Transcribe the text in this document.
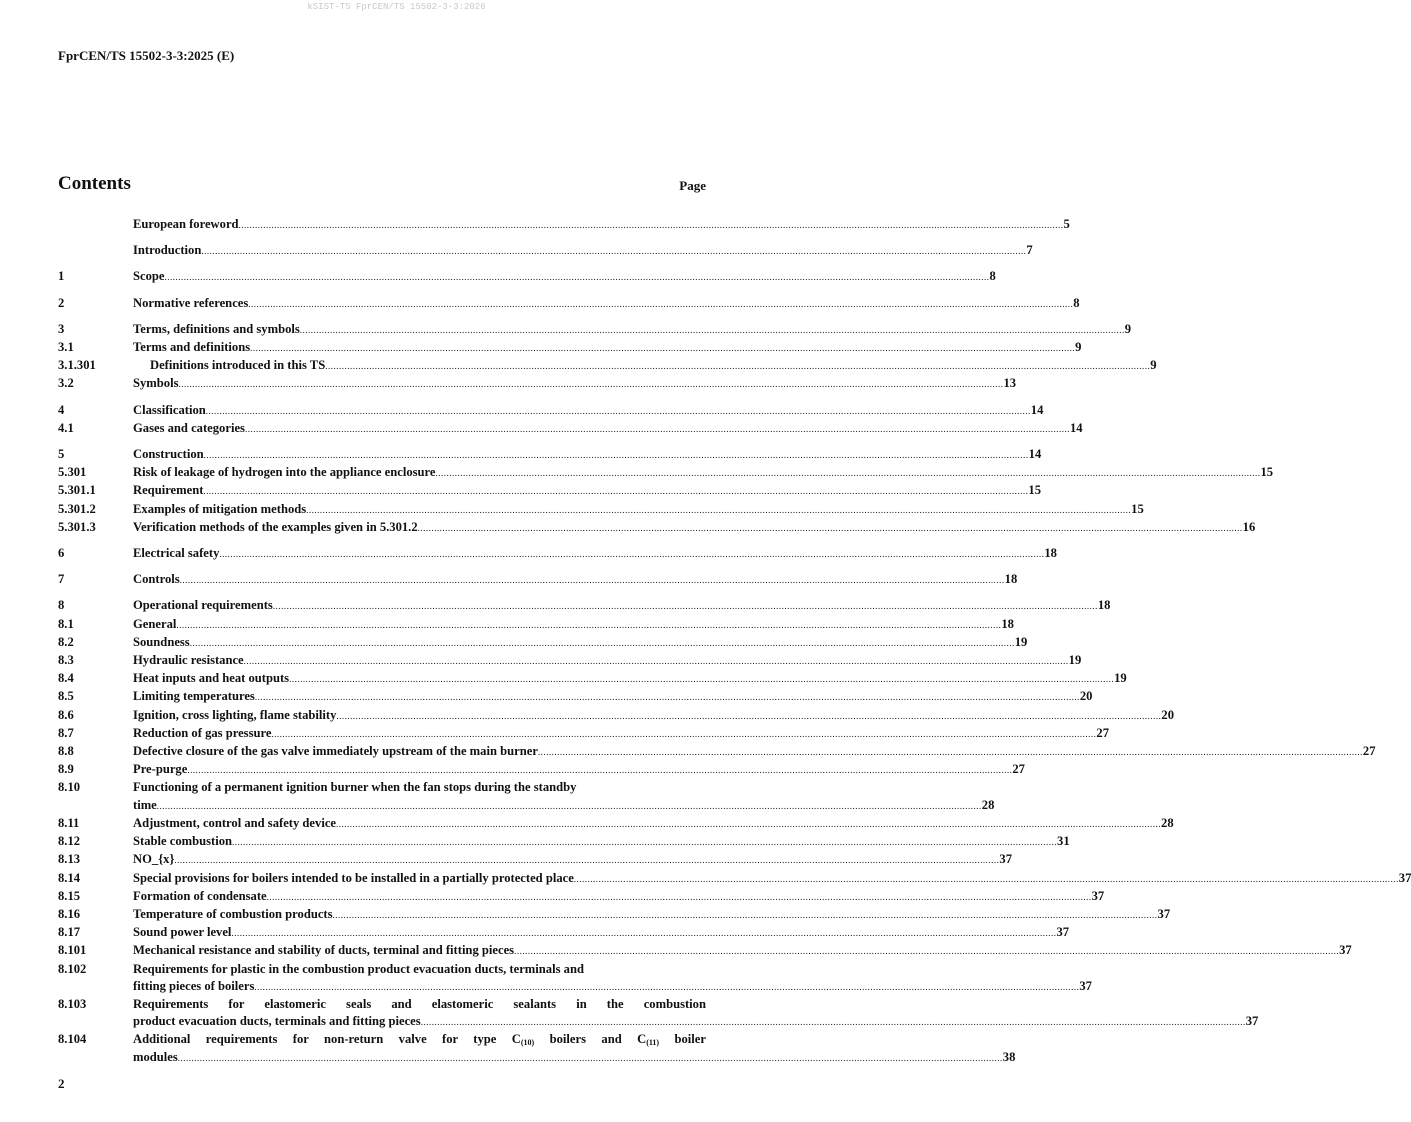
kSIST-TS FprCEN/TS 15502-3-3:2026
FprCEN/TS 15502-3-3:2025 (E)
Contents	Page
European foreword ............................................................................................................................................................................................................................................................................................................ 5
Introduction ............................................................................................................................................................................................................................................................................................................ 7
1	Scope ............................................................................................................................................................................................................................................................................................................ 8
2	Normative references ............................................................................................................................................................................................................................................................................................................ 8
3	Terms, definitions and symbols ............................................................................................................................................................................................................................................................................................................ 9
3.1	Terms and definitions ............................................................................................................................................................................................................................................................................................................ 9
3.1.301	Definitions introduced in this TS ............................................................................................................................................................................................................................................................................................................ 9
3.2	Symbols ............................................................................................................................................................................................................................................................................................................ 13
4	Classification ............................................................................................................................................................................................................................................................................................................ 14
4.1	Gases and categories ............................................................................................................................................................................................................................................................................................................ 14
5	Construction ............................................................................................................................................................................................................................................................................................................ 14
5.301	Risk of leakage of hydrogen into the appliance enclosure ............................................................................................................................................................................................................................................................................................................ 15
5.301.1	Requirement ............................................................................................................................................................................................................................................................................................................ 15
5.301.2	Examples of mitigation methods ............................................................................................................................................................................................................................................................................................................ 15
5.301.3	Verification methods of the examples given in 5.301.2 ............................................................................................................................................................................................................................................................................................................ 16
6	Electrical safety ............................................................................................................................................................................................................................................................................................................ 18
7	Controls ............................................................................................................................................................................................................................................................................................................ 18
8	Operational requirements ............................................................................................................................................................................................................................................................................................................ 18
8.1	General ............................................................................................................................................................................................................................................................................................................ 18
8.2	Soundness ............................................................................................................................................................................................................................................................................................................ 19
8.3	Hydraulic resistance ............................................................................................................................................................................................................................................................................................................ 19
8.4	Heat inputs and heat outputs ............................................................................................................................................................................................................................................................................................................ 19
8.5	Limiting temperatures ............................................................................................................................................................................................................................................................................................................ 20
8.6	Ignition, cross lighting, flame stability ............................................................................................................................................................................................................................................................................................................ 20
8.7	Reduction of gas pressure ............................................................................................................................................................................................................................................................................................................ 27
8.8	Defective closure of the gas valve immediately upstream of the main burner ............................................................................................................................................................................................................................................................................................................ 27
8.9	Pre-purge ............................................................................................................................................................................................................................................................................................................ 27
8.10	Functioning of a permanent ignition burner when the fan stops during the standby
time ............................................................................................................................................................................................................................................................................................................ 28
8.11	Adjustment, control and safety device ............................................................................................................................................................................................................................................................................................................ 28
8.12	Stable combustion ............................................................................................................................................................................................................................................................................................................ 31
8.13	NO_{x} ............................................................................................................................................................................................................................................................................................................ 37
8.14	Special provisions for boilers intended to be installed in a partially protected place ............................................................................................................................................................................................................................................................................................................ 37
8.15	Formation of condensate ............................................................................................................................................................................................................................................................................................................ 37
8.16	Temperature of combustion products ............................................................................................................................................................................................................................................................................................................ 37
8.17	Sound power level ............................................................................................................................................................................................................................................................................................................ 37
8.101	Mechanical resistance and stability of ducts, terminal and fitting pieces ............................................................................................................................................................................................................................................................................................................ 37
8.102	Requirements for plastic in the combustion product evacuation ducts, terminals and
fitting pieces of boilers ............................................................................................................................................................................................................................................................................................................ 37
8.103	Requirements for elastomeric seals and elastomeric sealants in the combustion
product evacuation ducts, terminals and fitting pieces ............................................................................................................................................................................................................................................................................................................ 37
8.104	Additional requirements for non-return valve for type $C_{(10)}$ boilers and $C_{(11)}$ boiler
modules ............................................................................................................................................................................................................................................................................................................ 38
2
